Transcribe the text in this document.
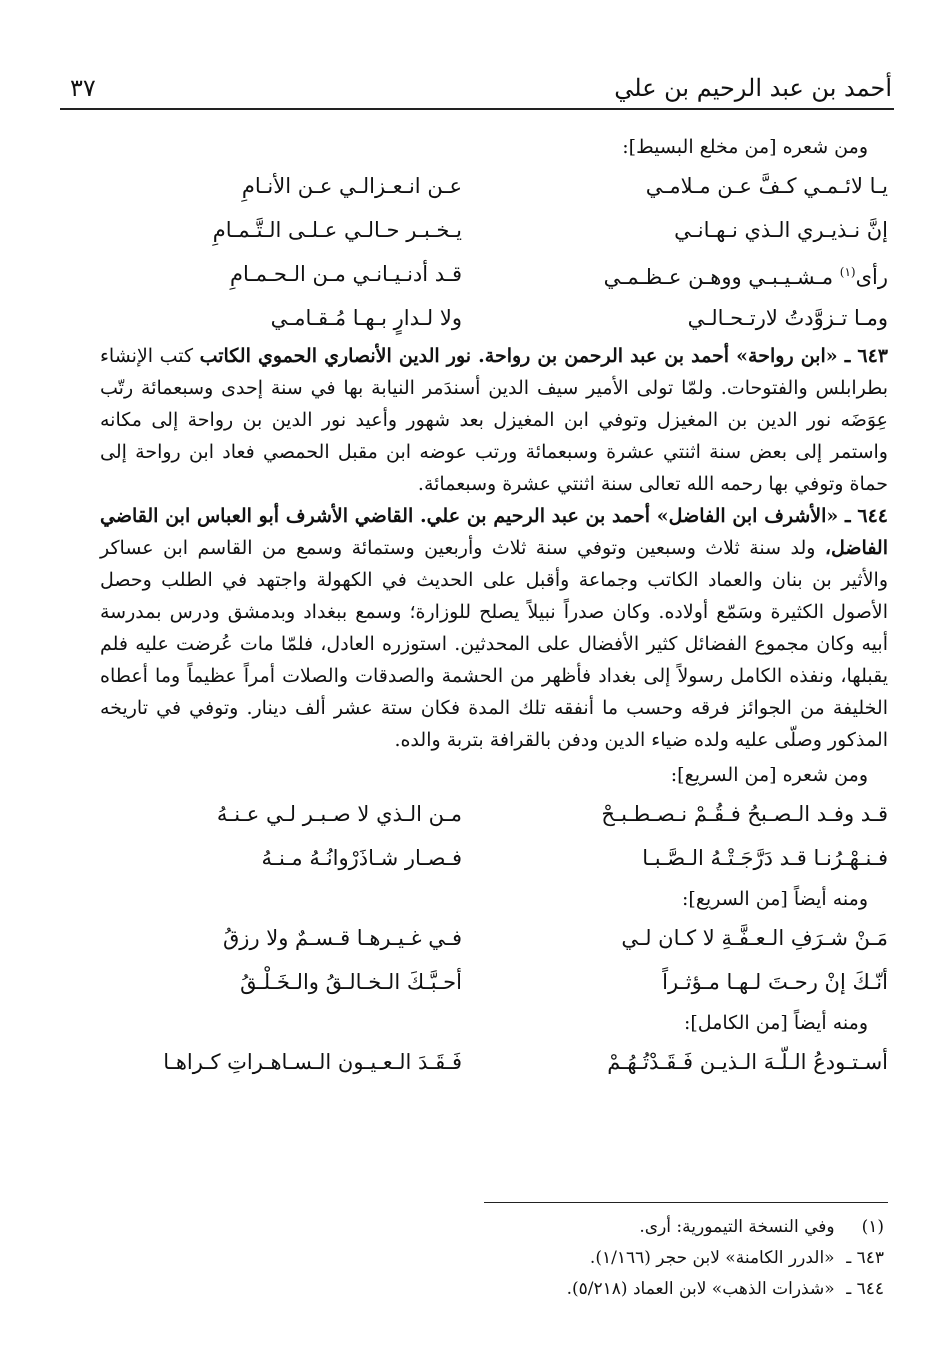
أحمد بن عبد الرحيم بن علي
٣٧
ومن شعره [من مخلع البسيط]:
يـا لائـمـي كـفَّ عـن مـلامـي
عـن انـعـزالـي عـن الأنـامِ
إنَّ نـذيـري الـذي نـهـانـي
يـخـبـر حـالـي عـلـى الـتَّـمـامِ
رأى$^{(١)}$ مـشـيـبـي ووهـن عـظـمـي
قـد أدنـيـانـي مـن الـحـمـامِ
ومـا تـزوَّدتُ لارتـحـالـي
ولا لـدارٍ بـهـا مُـقـامـي

٦٤٣ ـ «ابن رواحة» أحمد بن عبد الرحمن بن رواحة. نور الدين الأنصاري الحموي الكاتب كتب الإنشاء بطرابلس والفتوحات. ولمّا تولى الأمير سيف الدين أسندَمر النيابة بها في سنة إحدى وسبعمائة رتّب عِوَضَه نور الدين بن المغيزل وتوفي ابن المغيزل بعد شهور وأعيد نور الدين بن رواحة إلى مكانه واستمر إلى بعض سنة اثنتي عشرة وسبعمائة ورتب عوضه ابن مقبل الحمصي فعاد ابن رواحة إلى حماة وتوفي بها رحمه الله تعالى سنة اثنتي عشرة وسبعمائة.

٦٤٤ ـ «الأشرف ابن الفاضل» أحمد بن عبد الرحيم بن علي. القاضي الأشرف أبو العباس ابن القاضي الفاضل، ولد سنة ثلاث وسبعين وتوفي سنة ثلاث وأربعين وستمائة وسمع من القاسم ابن عساكر والأثير بن بنان والعماد الكاتب وجماعة وأقبل على الحديث في الكهولة واجتهد في الطلب وحصل الأصول الكثيرة وسَمّع أولاده. وكان صدراً نبيلاً يصلح للوزارة؛ وسمع ببغداد وبدمشق ودرس بمدرسة أبيه وكان مجموع الفضائل كثير الأفضال على المحدثين. استوزره العادل، فلمّا مات عُرضت عليه فلم يقبلها، ونفذه الكامل رسولاً إلى بغداد فأظهر من الحشمة والصدقات والصلات أمراً عظيماً وما أعطاه الخليفة من الجوائز فرقه وحسب ما أنفقه تلك المدة فكان ستة عشر ألف دينار. وتوفي في تاريخه المذكور وصلّى عليه ولده ضياء الدين ودفن بالقرافة بتربة والده.

ومن شعره [من السريع]:
قـد وفـد الـصـبحُ فـقُـمْ نـصـطـبـحْ
مـن الـذي لا صـبـر لـي عـنـهُ
فـنـهْـرُنـا قـد دَرَّجَـتْـهُ الـصَّـبـا
فـصـار شـاذَرْوانُـهُ مـنـهُ
ومنه أيضاً [من السريع]:
مَـنْ شـرَفِ الـعـفَّـةِ لا كـان لـي
فـي غـيـرهـا قـسـمٌ ولا رزقُ
أنّـكَ إنْ رحـتَ لـهـا مـؤثـراً
أحـبَّـكَ الـخـالـقُ والـخَـلْـقُ
ومنه أيضاً [من الكامل]:
أسـتـودعُ الـلّـهَ الـذيـن فَـقَـدْتُـهُـمْ
فَـقَـدَ الـعـيـون الـسـاهـراتِ كـراهـا
(١) وفي النسخة التيمورية: أرى.
٦٤٣ ـ «الدرر الكامنة» لابن حجر (١/١٦٦).
٦٤٤ ـ «شذرات الذهب» لابن العماد (٥/٢١٨).
